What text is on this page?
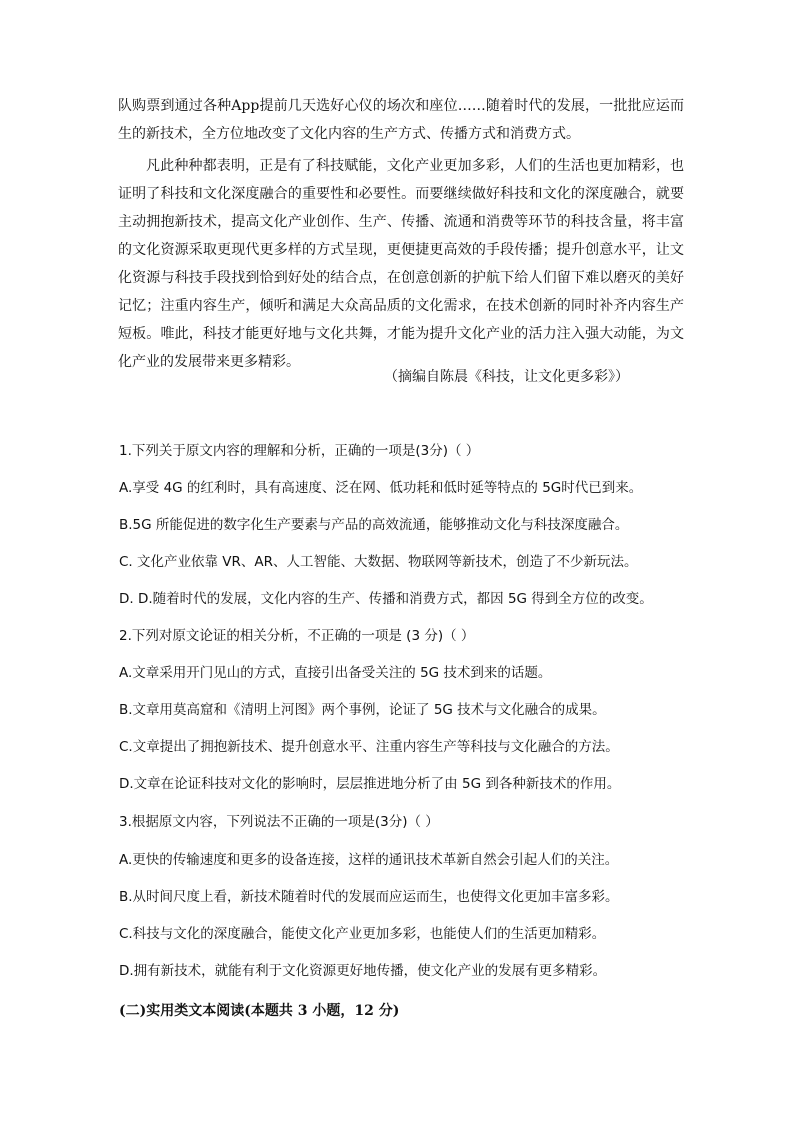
队购票到通过各种App提前几天选好心仪的场次和座位……随着时代的发展，一批批应运而生的新技术，全方位地改变了文化内容的生产方式、传播方式和消费方式。

凡此种种都表明，正是有了科技赋能，文化产业更加多彩，人们的生活也更加精彩，也证明了科技和文化深度融合的重要性和必要性。而要继续做好科技和文化的深度融合，就要主动拥抱新技术，提高文化产业创作、生产、传播、流通和消费等环节的科技含量，将丰富的文化资源采取更现代更多样的方式呈现，更便捷更高效的手段传播；提升创意水平，让文化资源与科技手段找到恰到好处的结合点，在创意创新的护航下给人们留下难以磨灭的美好记忆；注重内容生产，倾听和满足大众高品质的文化需求，在技术创新的同时补齐内容生产短板。唯此，科技才能更好地与文化共舞，才能为提升文化产业的活力注入强大动能，为文化产业的发展带来更多精彩。

（摘编自陈晨《科技，让文化更多彩》）
1.下列关于原文内容的理解和分析，正确的一项是(3分)（ ）
A.享受 4G 的红利时，具有高速度、泛在网、低功耗和低时延等特点的 5G时代已到来。
B.5G 所能促进的数字化生产要素与产品的高效流通，能够推动文化与科技深度融合。
C. 文化产业依靠 VR、AR、人工智能、大数据、物联网等新技术，创造了不少新玩法。
D. D.随着时代的发展，文化内容的生产、传播和消费方式，都因 5G 得到全方位的改变。
2.下列对原文论证的相关分析，不正确的一项是 (3 分)（ ）
A.文章采用开门见山的方式，直接引出备受关注的 5G 技术到来的话题。
B.文章用莫高窟和《清明上河图》两个事例，论证了 5G 技术与文化融合的成果。
C.文章提出了拥抱新技术、提升创意水平、注重内容生产等科技与文化融合的方法。
D.文章在论证科技对文化的影响时，层层推进地分析了由 5G 到各种新技术的作用。
3.根据原文内容，下列说法不正确的一项是(3分)（ ）
A.更快的传输速度和更多的设备连接，这样的通讯技术革新自然会引起人们的关注。
B.从时间尺度上看，新技术随着时代的发展而应运而生，也使得文化更加丰富多彩。
C.科技与文化的深度融合，能使文化产业更加多彩，也能使人们的生活更加精彩。
D.拥有新技术，就能有利于文化资源更好地传播，使文化产业的发展有更多精彩。
(二)实用类文本阅读(本题共 3 小题，12 分)
